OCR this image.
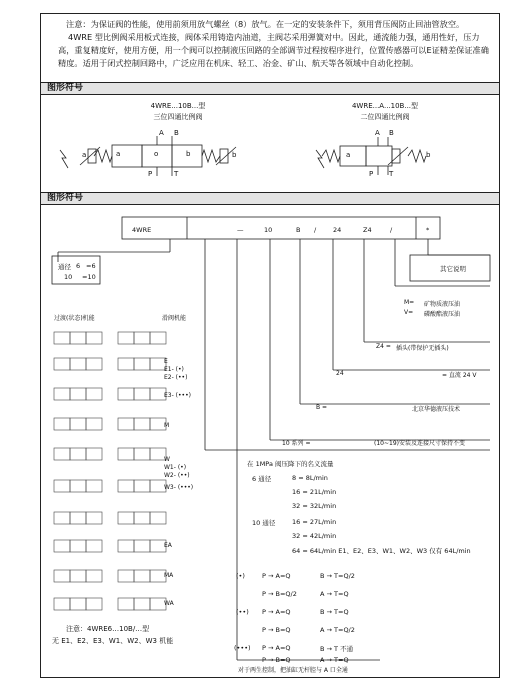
注意：为保证阀的性能，使用前须用放气螺丝（8）放气。在一定的安装条件下，须用背压阀防止回油管放空。
4WRE 型比例阀采用板式连接，阀体采用铸造内油道，主阀芯采用弹簧对中。因此，通流能力强，通用性好，压力高，重复精度好，使用方便，用一个阀可以控制液压回路的全部调节过程按程序进行，位置传感器可以E证精差保证准确精度。适用于闭式控制回路中，广泛应用在机床、轻工、冶金、矿山、航天等各领域中自动化控制。
图形符号
4WRE...10B...型
三位四通比例阀
4WRE...A...10B...型
二位四通比例阀
a	o	b
A B
P	T
a	b
A B
P T
a	b
图形符号
4WRE	—	10	B /	24	Z4	/	*
通径 6 =6
10 =10
其它说明
M= 矿物质液压油
V= 磷酸酯液压油
Z4 = 插头(带保护无插头)
24	= 直流 24 V
B =	北京华德液压技术
10 系列 =	(10~19)安装及连接尺寸保持不变
过渡(状态)机能	滑阀机能
E
E1- (•)
E2- (••)
E3- (•••)
M
W
W1- (•)
W2- (••)
W3- (•••)
EA
MA
WA
注意：4WRE6…10B/…型
无 E1、E2、E3、W1、W2、W3 机能
在 1MPa 阀压降下的名义流量
6 通径	8 = 8L/min
16 = 21L/min
32 = 32L/min
10 通径	16 = 27L/min
32 = 42L/min
64 = 64L/min E1、E2、E3、W1、W2、W3 仅有 64L/min
(•)	P → A=Q	B → T=Q/2
P → B=Q/2	A → T=Q
(••) P → A=Q	B → T=Q
P → B=Q	A → T=Q/2
(•••) P → A=Q	B → T 不通
P → B=Q	A → T=Q
对于两生控制，把油缸无杆腔与 A 口全通
